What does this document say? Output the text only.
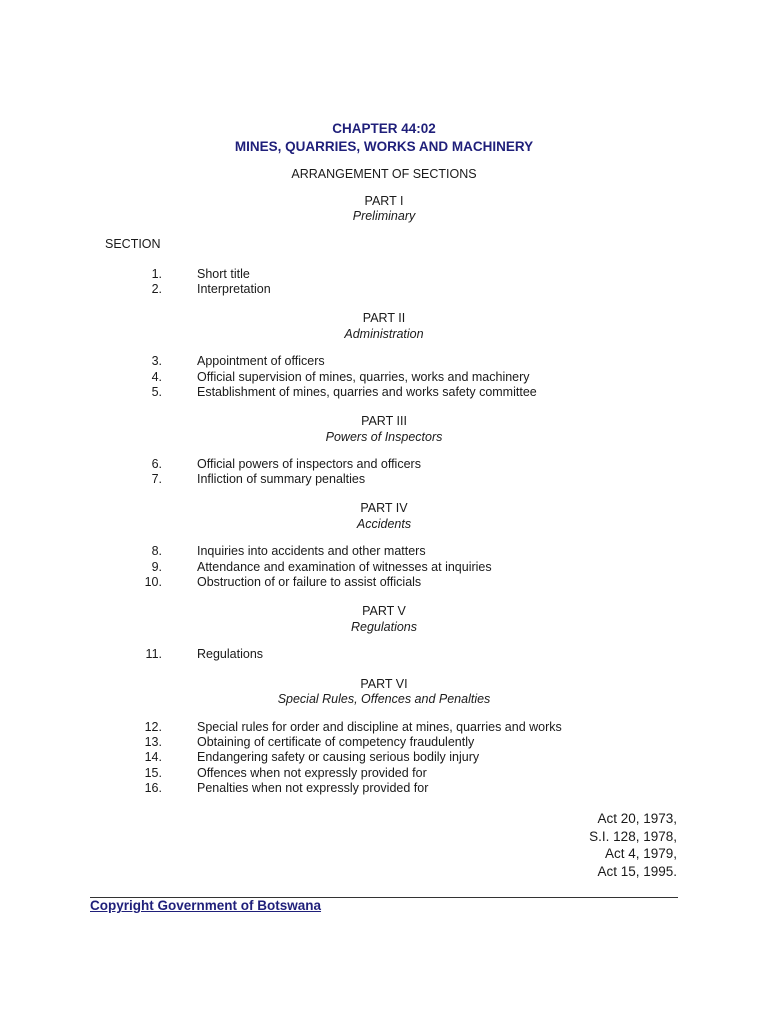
CHAPTER 44:02
MINES, QUARRIES, WORKS AND MACHINERY
ARRANGEMENT OF SECTIONS
PART I
Preliminary
SECTION
1.	Short title
2.	Interpretation
PART II
Administration
3.	Appointment of officers
4.	Official supervision of mines, quarries, works and machinery
5.	Establishment of mines, quarries and works safety committee
PART III
Powers of Inspectors
6.	Official powers of inspectors and officers
7.	Infliction of summary penalties
PART IV
Accidents
8.	Inquiries into accidents and other matters
9.	Attendance and examination of witnesses at inquiries
10.	Obstruction of or failure to assist officials
PART V
Regulations
11.	Regulations
PART VI
Special Rules, Offences and Penalties
12.	Special rules for order and discipline at mines, quarries and works
13.	Obtaining of certificate of competency fraudulently
14.	Endangering safety or causing serious bodily injury
15.	Offences when not expressly provided for
16.	Penalties when not expressly provided for
Act 20, 1973,
S.I. 128, 1978,
Act 4, 1979,
Act 15, 1995.
Copyright Government of Botswana
